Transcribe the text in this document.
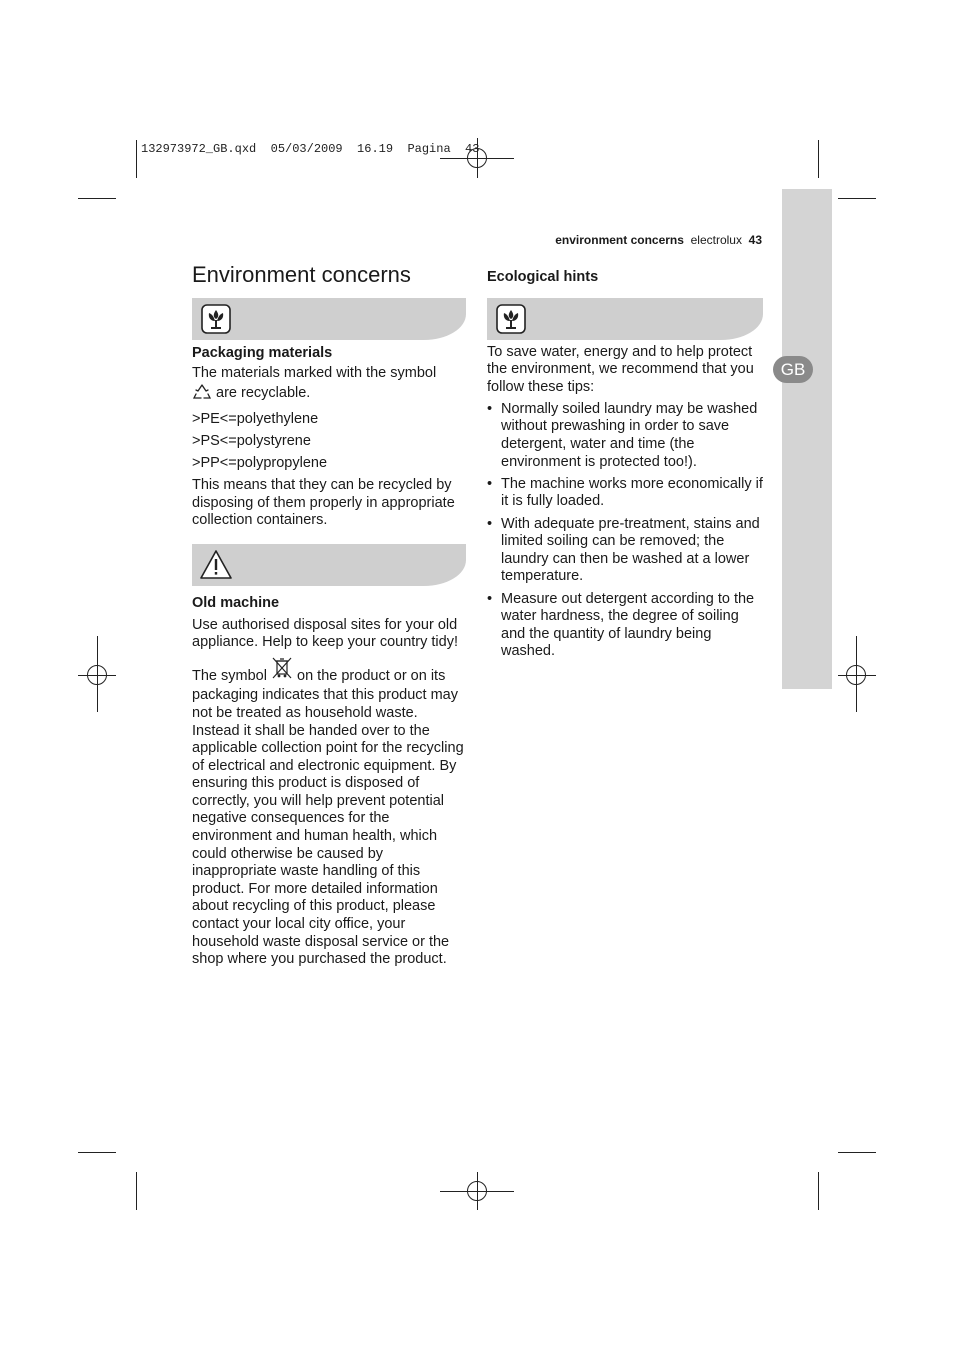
132973972_GB.qxd  05/03/2009  16.19  Pagina  43
GB
environment concerns electrolux 43
Environment concerns

Packaging materials

The materials marked with the symbol
are recyclable.

>PE<=polyethylene

>PS<=polystyrene

>PP<=polypropylene

This means that they can be recycled by disposing of them properly in appropriate collection containers.

Old machine

Use authorised disposal sites for your old appliance. Help to keep your country tidy!

The symbol on the product or on its packaging indicates that this product may not be treated as household waste. Instead it shall be handed over to the applicable collection point for the recycling of electrical and electronic equipment. By ensuring this product is disposed of correctly, you will help prevent potential negative consequences for the environment and human health, which could otherwise be caused by inappropriate waste handling of this product. For more detailed information about recycling of this product, please contact your local city office, your household waste disposal service or the shop where you purchased the product.

Ecological hints

To save water, energy and to help protect the environment, we recommend that you follow these tips:

• Normally soiled laundry may be washed without prewashing in order to save detergent, water and time (the environment is protected too!).
• The machine works more economically if it is fully loaded.
• With adequate pre-treatment, stains and limited soiling can be removed; the laundry can then be washed at a lower temperature.
• Measure out detergent according to the water hardness, the degree of soiling and the quantity of laundry being washed.
